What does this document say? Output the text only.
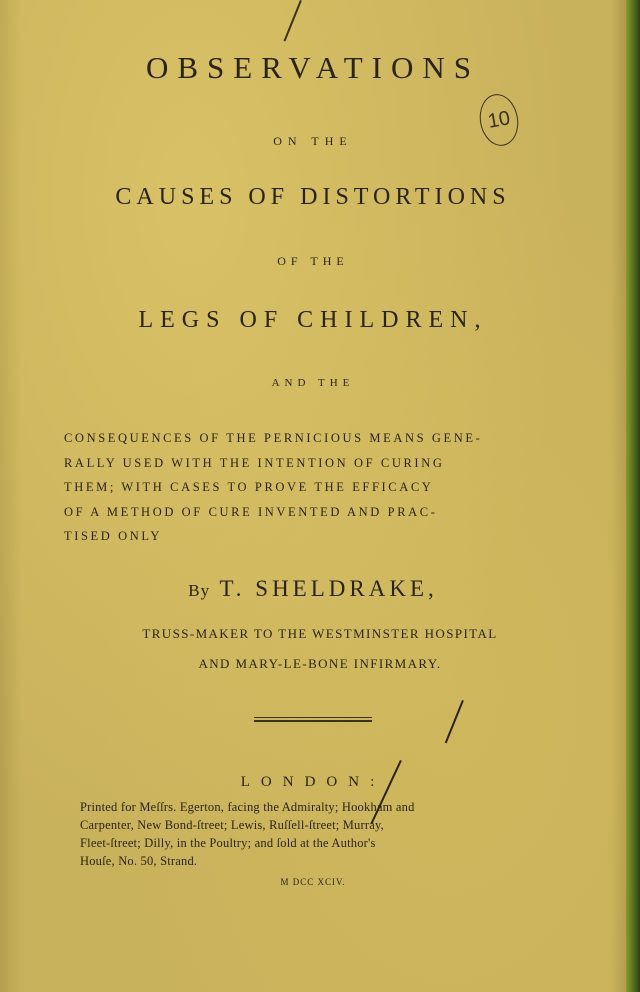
10
OBSERVATIONS
ON THE
CAUSES OF DISTORTIONS
OF THE
LEGS OF CHILDREN,
AND THE
CONSEQUENCES OF THE PERNICIOUS MEANS GENE-
RALLY USED WITH THE INTENTION OF CURING
THEM; WITH CASES TO PROVE THE EFFICACY
OF A METHOD OF CURE INVENTED AND PRAC-
TISED ONLY
By T. SHELDRAKE,
TRUSS-MAKER TO THE WESTMINSTER HOSPITAL
AND MARY-LE-BONE INFIRMARY.
LONDON:
Printed for Meſſrs. Egerton, facing the Admiralty; Hookham and
Carpenter, New Bond-ſtreet; Lewis, Ruſſell-ſtreet; Murray,
Fleet-ſtreet; Dilly, in the Poultry; and ſold at the Author's
Houſe, No. 50, Strand.
M DCC XCIV.
